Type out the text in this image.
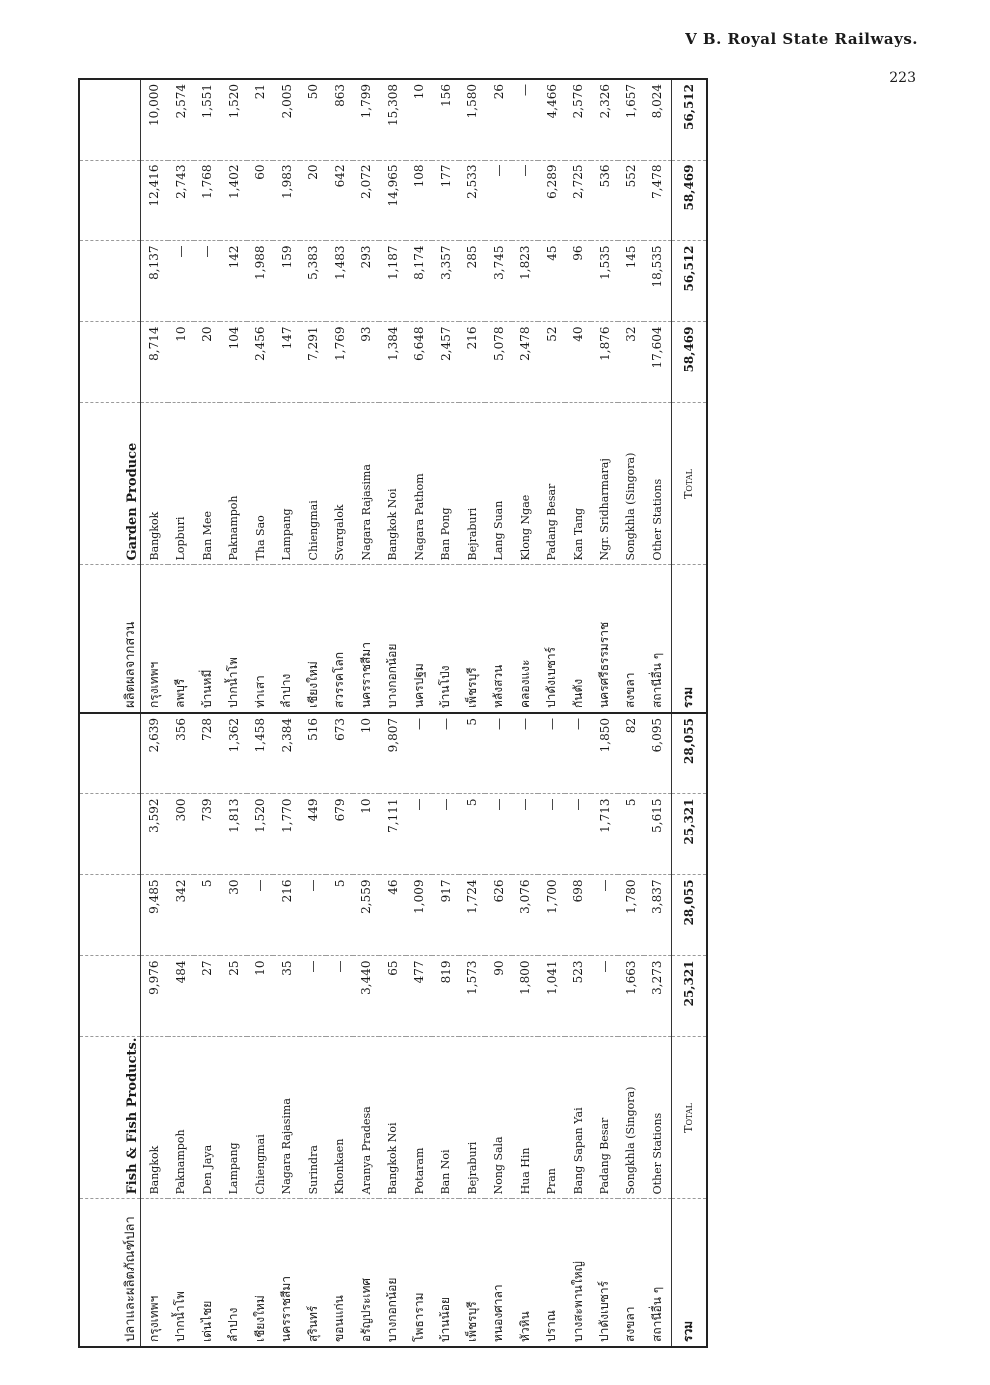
V B. Royal State Railways.
223
ปลาและผลิตภัณฑ์ปลา	Fish & Fish Products.					ผลิตผลจากสวน	Garden Produce				
กรุงเทพฯ	Bangkok	9,976	9,485	3,592	2,639	กรุงเทพฯ	Bangkok	8,714	8,137	12,416	10,000
ปากน้ำโพ	Paknampoh	484	342	300	356	ลพบุรี	Lopburi	10	—	2,743	2,574
เด่นไชย	Den Jaya	27	5	739	728	บ้านหมี่	Ban Mee	20	—	1,768	1,551
ลำปาง	Lampang	25	30	1,813	1,362	ปากน้ำโพ	Paknampoh	104	142	1,402	1,520
เชียงใหม่	Chiengmai	10	—	1,520	1,458	ท่าเสา	Tha Sao	2,456	1,988	60	21
นครราชสีมา	Nagara Rajasima	35	216	1,770	2,384	ลำปาง	Lampang	147	159	1,983	2,005
สุรินทร์	Surindra	—	—	449	516	เชียงใหม่	Chiengmai	7,291	5,383	20	50
ขอนแก่น	Khonkaen	—	5	679	673	สวรรคโลก	Svargalok	1,769	1,483	642	863
อรัญประเทศ	Aranya Pradesa	3,440	2,559	10	10	นครราชสีมา	Nagara Rajasima	93	293	2,072	1,799
บางกอกน้อย	Bangkok Noi	65	46	7,111	9,807	บางกอกน้อย	Bangkok Noi	1,384	1,187	14,965	15,308
โพธาราม	Potaram	477	1,009	—	—	นครปฐม	Nagara Pathom	6,648	8,174	108	10
บ้านน้อย	Ban Noi	819	917	—	—	บ้านโป่ง	Ban Pong	2,457	3,357	177	156
เพ็ชรบุรี	Bejraburi	1,573	1,724	5	5	เพ็ชรบุรี	Bejraburi	216	285	2,533	1,580
หนองศาลา	Nong Sala	90	626	—	—	หลังสวน	Lang Suan	5,078	3,745	—	26
หัวหิน	Hua Hin	1,800	3,076	—	—	คลองแงะ	Klong Ngae	2,478	1,823	—	—
ปราณ	Pran	1,041	1,700	—	—	ปาดังเบซาร์	Padang Besar	52	45	6,289	4,466
บางสะพานใหญ่	Bang Sapan Yai	523	698	—	—	กันตัง	Kan Tang	40	96	2,725	2,576
ปาดังเบซาร์	Padang Besar	—	—	1,713	1,850	นครศรีธรรมราช	Ngr. Sridharmaraj	1,876	1,535	536	2,326
สงขลา	Songkhla (Singora)	1,663	1,780	5	82	สงขลา	Songkhla (Singora)	32	145	552	1,657
สถานีอื่น ๆ	Other Stations	3,273	3,837	5,615	6,095	สถานีอื่น ๆ	Other Stations	17,604	18,535	7,478	8,024
รวม	Total	25,321	28,055	25,321	28,055	รวม	Total	58,469	56,512	58,469	56,512
